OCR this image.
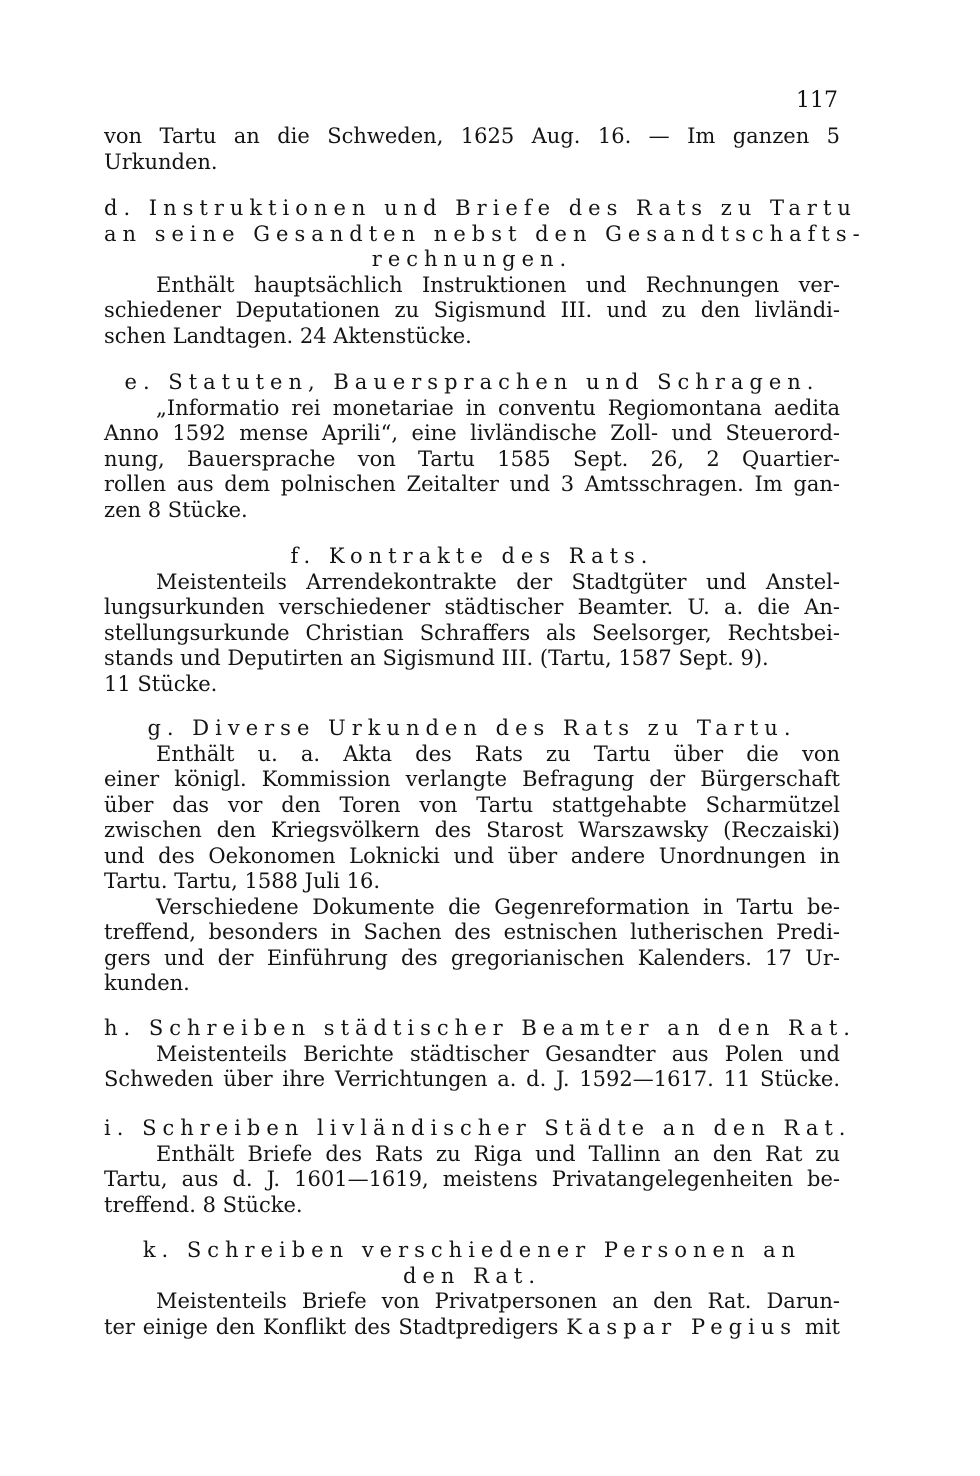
117
von Tartu an die Schweden, 1625 Aug. 16. — Im ganzen 5
Urkunden.
d. Instruktionen und Briefe des Rats zu Tartu
an seine Gesandten nebst den Gesandtschafts-
rechnungen.
Enthält hauptsächlich Instruktionen und Rechnungen ver-
schiedener Deputationen zu Sigismund III. und zu den livländi-
schen Landtagen. 24 Aktenstücke.
e. Statuten, Bauersprachen und Schragen.
„Informatio rei monetariae in conventu Regiomontana aedita
Anno 1592 mense Aprili“, eine livländische Zoll- und Steuerord-
nung, Bauersprache von Tartu 1585 Sept. 26, 2 Quartier-
rollen aus dem polnischen Zeitalter und 3 Amtsschragen. Im gan-
zen 8 Stücke.
f. Kontrakte des Rats.
Meistenteils Arrendekontrakte der Stadtgüter und Anstel-
lungsurkunden verschiedener städtischer Beamter. U. a. die An-
stellungsurkunde Christian Schraffers als Seelsorger, Rechtsbei-
stands und Deputirten an Sigismund III. (Tartu, 1587 Sept. 9).
11 Stücke.
g. Diverse Urkunden des Rats zu Tartu.
Enthält u. a. Akta des Rats zu Tartu über die von
einer königl. Kommission verlangte Befragung der Bürgerschaft
über das vor den Toren von Tartu stattgehabte Scharmützel
zwischen den Kriegsvölkern des Starost Warszawsky (Reczaiski)
und des Oekonomen Loknicki und über andere Unordnungen in
Tartu. Tartu, 1588 Juli 16.
Verschiedene Dokumente die Gegenreformation in Tartu be-
treffend, besonders in Sachen des estnischen lutherischen Predi-
gers und der Einführung des gregorianischen Kalenders. 17 Ur-
kunden.
h. Schreiben städtischer Beamter an den Rat.
Meistenteils Berichte städtischer Gesandter aus Polen und
Schweden über ihre Verrichtungen a. d. J. 1592—1617. 11 Stücke.
i. Schreiben livländischer Städte an den Rat.
Enthält Briefe des Rats zu Riga und Tallinn an den Rat zu
Tartu, aus d. J. 1601—1619, meistens Privatangelegenheiten be-
treffend. 8 Stücke.
k. Schreiben verschiedener Personen an
den Rat.
Meistenteils Briefe von Privatpersonen an den Rat. Darun-
ter einige den Konflikt des Stadtpredigers Kaspar Pegius mit
